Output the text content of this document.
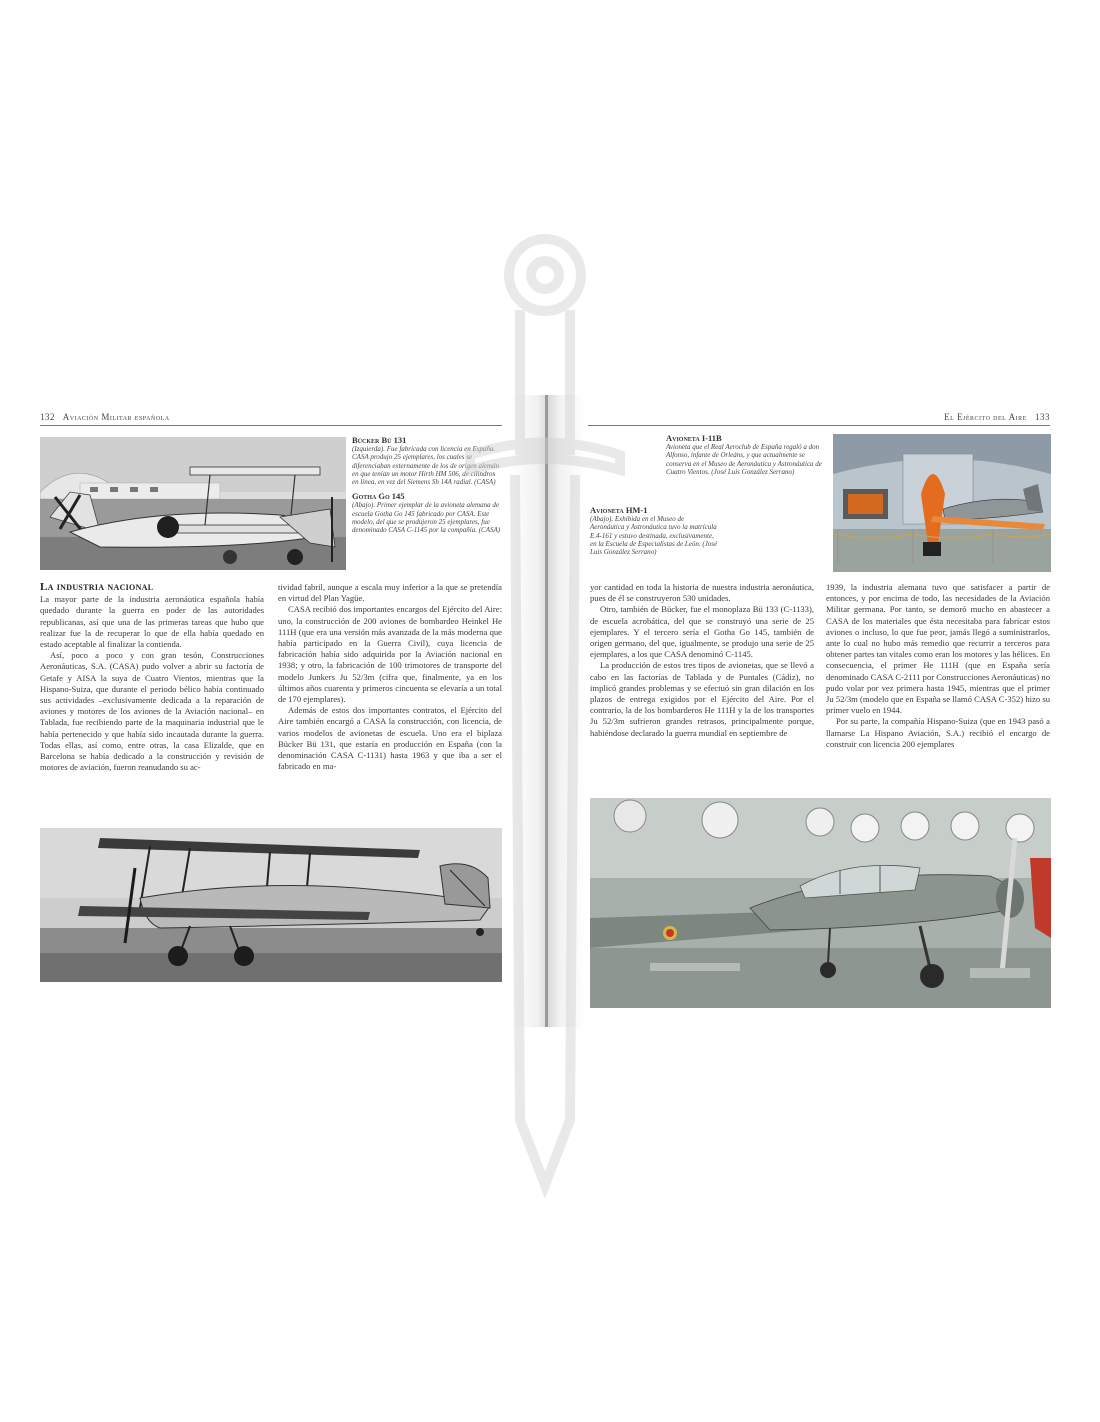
132 Aviación Militar española
Bücker Bü 131
(Izquierda). Fue fabricada con licencia en España. CASA produjo 25 ejemplares, los cuales se diferenciaban externamente de los de origen alemán en que tenían un motor Hirth HM 506, de cilindros en línea, en vez del Siemens Sh 14A radial. (CASA)
Gotha Go 145
(Abajo). Primer ejemplar de la avioneta alemana de escuela Gotha Go 145 fabricado por CASA. Este modelo, del que se produjeron 25 ejemplares, fue denominado CASA C-1145 por la compañía. (CASA)
La industria nacional

La mayor parte de la industria aeronáutica española había quedado durante la guerra en poder de las autoridades republicanas, así que una de las primeras tareas que hubo que realizar fue la de recuperar lo que de ella había quedado en estado aceptable al finalizar la contienda.

Así, poco a poco y con gran tesón, Construcciones Aeronáuticas, S.A. (CASA) pudo volver a abrir su factoría de Getafe y AISA la suya de Cuatro Vientos, mientras que la Hispano-Suiza, que durante el periodo bélico había continuado sus actividades –exclusivamente dedicada a la reparación de aviones y motores de los aviones de la Aviación nacional– en Tablada, fue recibiendo parte de la maquinaria industrial que le había pertenecido y que había sido incautada durante la guerra. Todas ellas, así como, entre otras, la casa Elizalde, que en Barcelona se había dedicado a la construcción y revisión de motores de aviación, fueron reanudando su ac-

tividad fabril, aunque a escala muy inferior a la que se pretendía en virtud del Plan Yagüe.

CASA recibió dos importantes encargos del Ejército del Aire: uno, la construcción de 200 aviones de bombardeo Heinkel He 111H (que era una versión más avanzada de la más moderna que había participado en la Guerra Civil), cuya licencia de fabricación había sido adquirida por la Aviación nacional en 1938; y otro, la fabricación de 100 trimotores de transporte del modelo Junkers Ju 52/3m (cifra que, finalmente, ya en los últimos años cuarenta y primeros cincuenta se elevaría a un total de 170 ejemplares).

Además de estos dos importantes contratos, el Ejército del Aire también encargó a CASA la construcción, con licencia, de varios modelos de avionetas de escuela. Uno era el biplaza Bücker Bü 131, que estaría en producción en España (con la denominación CASA C-1131) hasta 1963 y que iba a ser el fabricado en ma-

El Ejército del Aire 133
Avioneta I-11B
Avioneta que el Real Aeroclub de España regaló a don Alfonso, infante de Orleáns, y que actualmente se conserva en el Museo de Aeronáutica y Astronáutica de Cuatro Vientos. (José Luis González Serrano)
Avioneta HM-1
(Abajo). Exhibida en el Museo de Aeronáutica y Astronáutica tuvo la matrícula E.4-161 y estuvo destinada, exclusivamente, en la Escuela de Especialistas de León. (José Luis González Serrano)

yor cantidad en toda la historia de nuestra industria aeronáutica, pues de él se construyeron 530 unidades.

Otro, también de Bücker, fue el monoplaza Bü 133 (C-1133), de escuela acrobática, del que se construyó una serie de 25 ejemplares. Y el tercero sería el Gotha Go 145, también de origen germano, del que, igualmente, se produjo una serie de 25 ejemplares, a los que CASA denominó C-1145.

La producción de estos tres tipos de avionetas, que se llevó a cabo en las factorías de Tablada y de Puntales (Cádiz), no implicó grandes problemas y se efectuó sin gran dilación en los plazos de entrega exigidos por el Ejército del Aire. Por el contrario, la de los bombarderos He 111H y la de los transportes Ju 52/3m sufrieron grandes retrasos, principalmente porque, habiéndose declarado la guerra mundial en septiembre de

1939, la industria alemana tuvo que satisfacer a partir de entonces, y por encima de todo, las necesidades de la Aviación Militar germana. Por tanto, se demoró mucho en abastecer a CASA de los materiales que ésta necesitaba para fabricar estos aviones o incluso, lo que fue peor, jamás llegó a suministrarlos, ante lo cual no hubo más remedio que recurrir a terceros para obtener partes tan vitales como eran los motores y las hélices. En consecuencia, el primer He 111H (que en España sería denominado CASA C-2111 por Construcciones Aeronáuticas) no pudo volar por vez primera hasta 1945, mientras que el primer Ju 52/3m (modelo que en España se llamó CASA C-352) hizo su primer vuelo en 1944.

Por su parte, la compañía Hispano-Suiza (que en 1943 pasó a llamarse La Hispano Aviación, S.A.) recibió el encargo de construir con licencia 200 ejemplares
